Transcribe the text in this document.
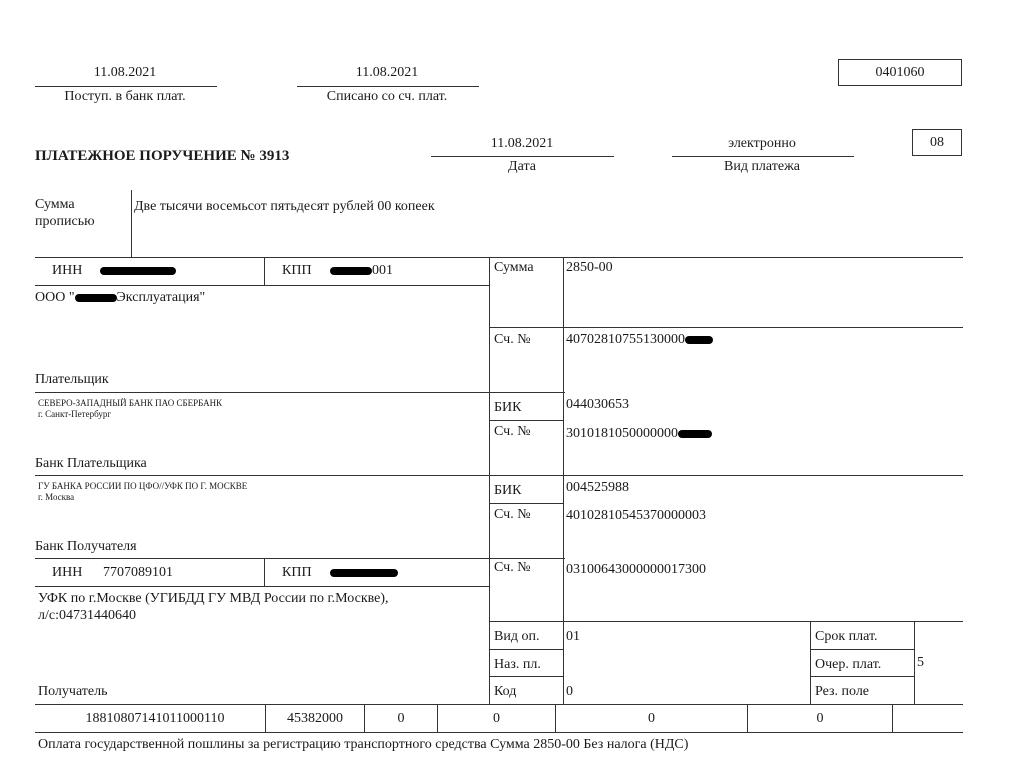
11.08.2021
Поступ. в банк плат.
11.08.2021
Списано со сч. плат.
0401060
ПЛАТЕЖНОЕ ПОРУЧЕНИЕ № 3913
11.08.2021
Дата
электронно
Вид платежа
08
Сумма
прописью
Две тысячи восемьсот пятьдесят рублей 00 копеек
ИНН	КПП	001
ООО "	Эксплуатация"
Плательщик
Сумма 2850-00
Сч. №	40702810755130000
СЕВЕРО-ЗАПАДНЫЙ БАНК ПАО СБЕРБАНК
г. Санкт-Петербург
Банк Плательщика
БИК	044030653
Сч. №	3010181050000000
ГУ БАНКА РОССИИ ПО ЦФО//УФК ПО Г. МОСКВЕ
г. Москва
Банк Получателя
БИК	004525988
Сч. №	40102810545370000003
ИНН 7707089101	КПП	Сч. №	03100643000000017300
УФК по г.Москве (УГИБДД ГУ МВД России по г.Москве),
л/с:04731440640
Получатель
Вид оп. 01
Наз. пл.
Код	0
Срок плат.
Очер. плат.	5
Рез. поле
18810807141011000110	45382000	0	0	0	0
Оплата государственной пошлины за регистрацию транспортного средства Сумма 2850-00 Без налога (НДС)
